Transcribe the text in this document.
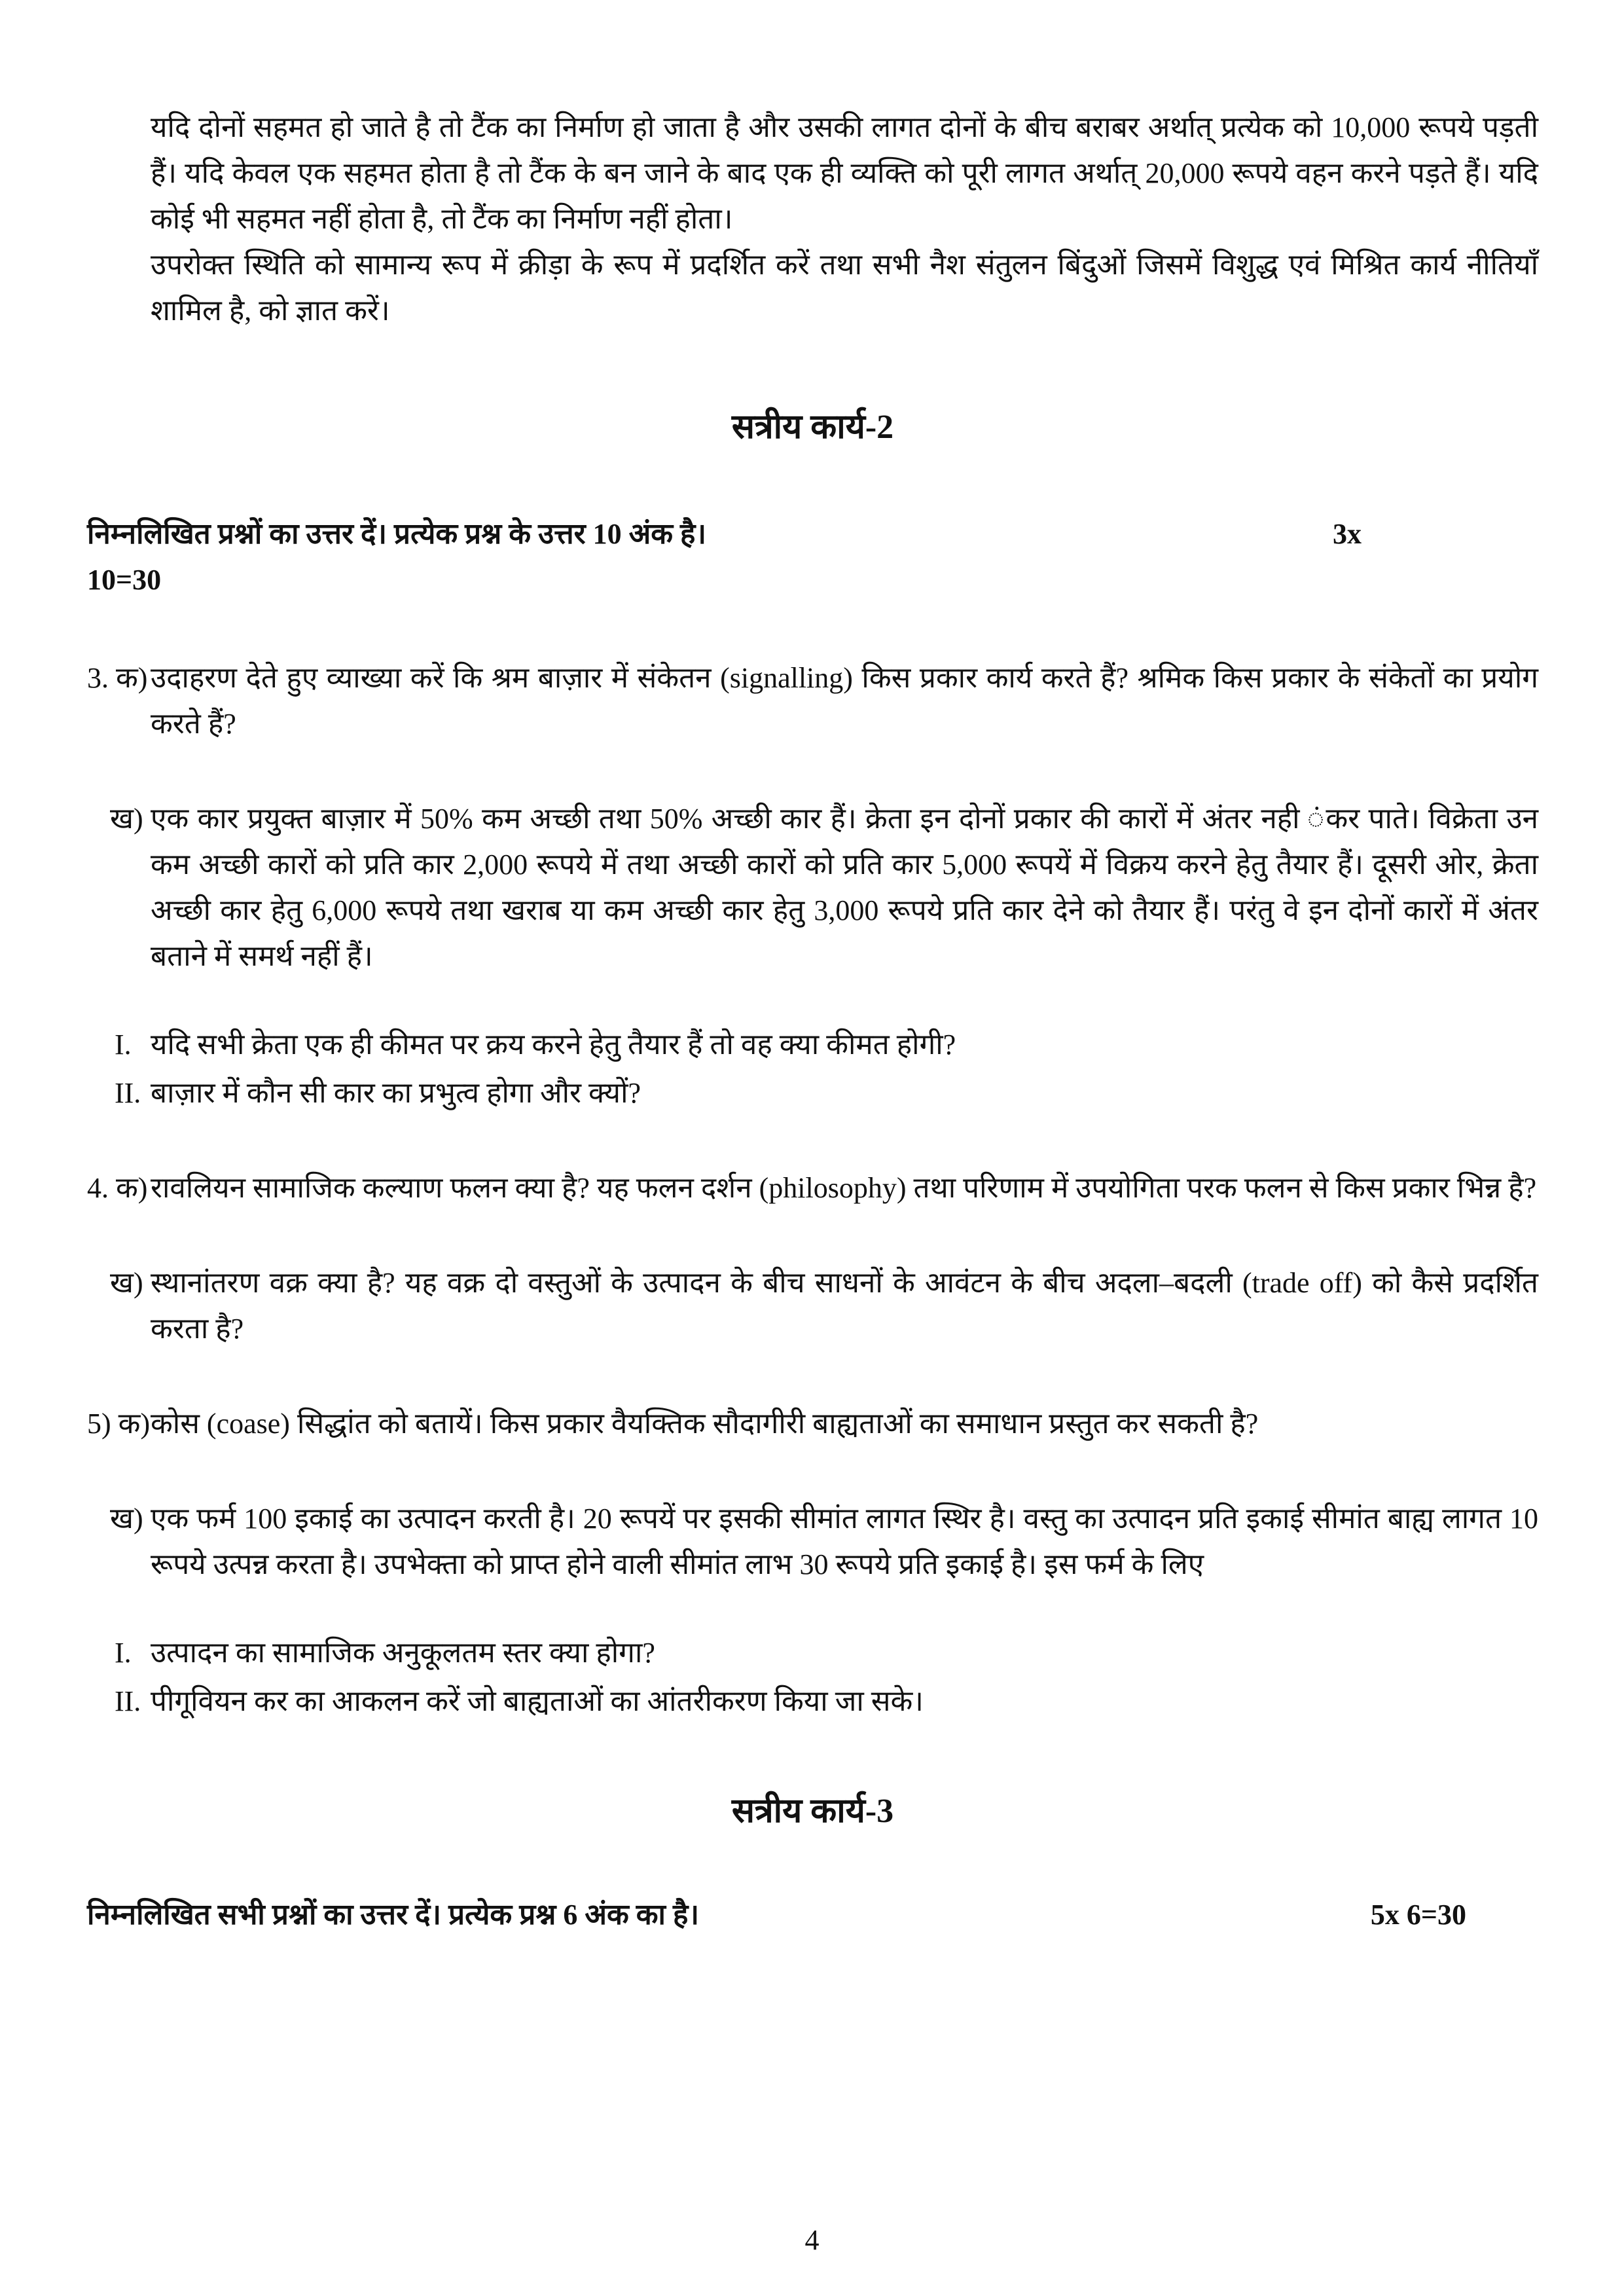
यदि दोनों सहमत हो जाते है तो टैंक का निर्माण हो जाता है और उसकी लागत दोनों के बीच बराबर अर्थात् प्रत्येक को 10,000 रूपये पड़ती हैं। यदि केवल एक सहमत होता है तो टैंक के बन जाने के बाद एक ही व्यक्ति को पूरी लागत अर्थात् 20,000 रूपये वहन करने पड़ते हैं। यदि कोई भी सहमत नहीं होता है, तो टैंक का निर्माण नहीं होता।

उपरोक्त स्थिति को सामान्य रूप में क्रीड़ा के रूप में प्रदर्शित करें तथा सभी नैश संतुलन बिंदुओं जिसमें विशुद्ध एवं मिश्रित कार्य नीतियाँ शामिल है, को ज्ञात करें।

सत्रीय कार्य-2
निम्नलिखित प्रश्नों का उत्तर दें। प्रत्येक प्रश्न के उत्तर 10 अंक है।	3x
10=30
3. क) उदाहरण देते हुए व्याख्या करें कि श्रम बाज़ार में संकेतन (signalling) किस प्रकार कार्य करते हैं? श्रमिक किस प्रकार के संकेतों का प्रयोग करते हैं?
ख) एक कार प्रयुक्त बाज़ार में 50% कम अच्छी तथा 50% अच्छी कार हैं। क्रेता इन दोनों प्रकार की कारों में अंतर नही ंकर पाते। विक्रेता उन कम अच्छी कारों को प्रति कार 2,000 रूपये में तथा अच्छी कारों को प्रति कार 5,000 रूपयें में विक्रय करने हेतु तैयार हैं। दूसरी ओर, क्रेता अच्छी कार हेतु 6,000 रूपये तथा खराब या कम अच्छी कार हेतु 3,000 रूपये प्रति कार देने को तैयार हैं। परंतु वे इन दोनों कारों में अंतर बताने में समर्थ नहीं हैं।
I. यदि सभी क्रेता एक ही कीमत पर क्रय करने हेतु तैयार हैं तो वह क्या कीमत होगी?
II. बाज़ार में कौन सी कार का प्रभुत्व होगा और क्यों?
4. क) रावलियन सामाजिक कल्याण फलन क्या है? यह फलन दर्शन (philosophy) तथा परिणाम में उपयोगिता परक फलन से किस प्रकार भिन्न है?
ख) स्थानांतरण वक्र क्या है? यह वक्र दो वस्तुओं के उत्पादन के बीच साधनों के आवंटन के बीच अदला–बदली (trade off) को कैसे प्रदर्शित करता है?
5) क) कोस (coase) सिद्धांत को बतायें। किस प्रकार वैयक्तिक सौदागीरी बाह्यताओं का समाधान प्रस्तुत कर सकती है?
ख) एक फर्म 100 इकाई का उत्पादन करती है। 20 रूपयें पर इसकी सीमांत लागत स्थिर है। वस्तु का उत्पादन प्रति इकाई सीमांत बाह्य लागत 10 रूपये उत्पन्न करता है। उपभेक्ता को प्राप्त होने वाली सीमांत लाभ 30 रूपये प्रति इकाई है। इस फर्म के लिए
I. उत्पादन का सामाजिक अनुकूलतम स्तर क्या होगा?
II. पीगूवियन कर का आकलन करें जो बाह्यताओं का आंतरीकरण किया जा सके।
सत्रीय कार्य-3
निम्नलिखित सभी प्रश्नों का उत्तर दें। प्रत्येक प्रश्न 6 अंक का है।	5x 6=30
4
